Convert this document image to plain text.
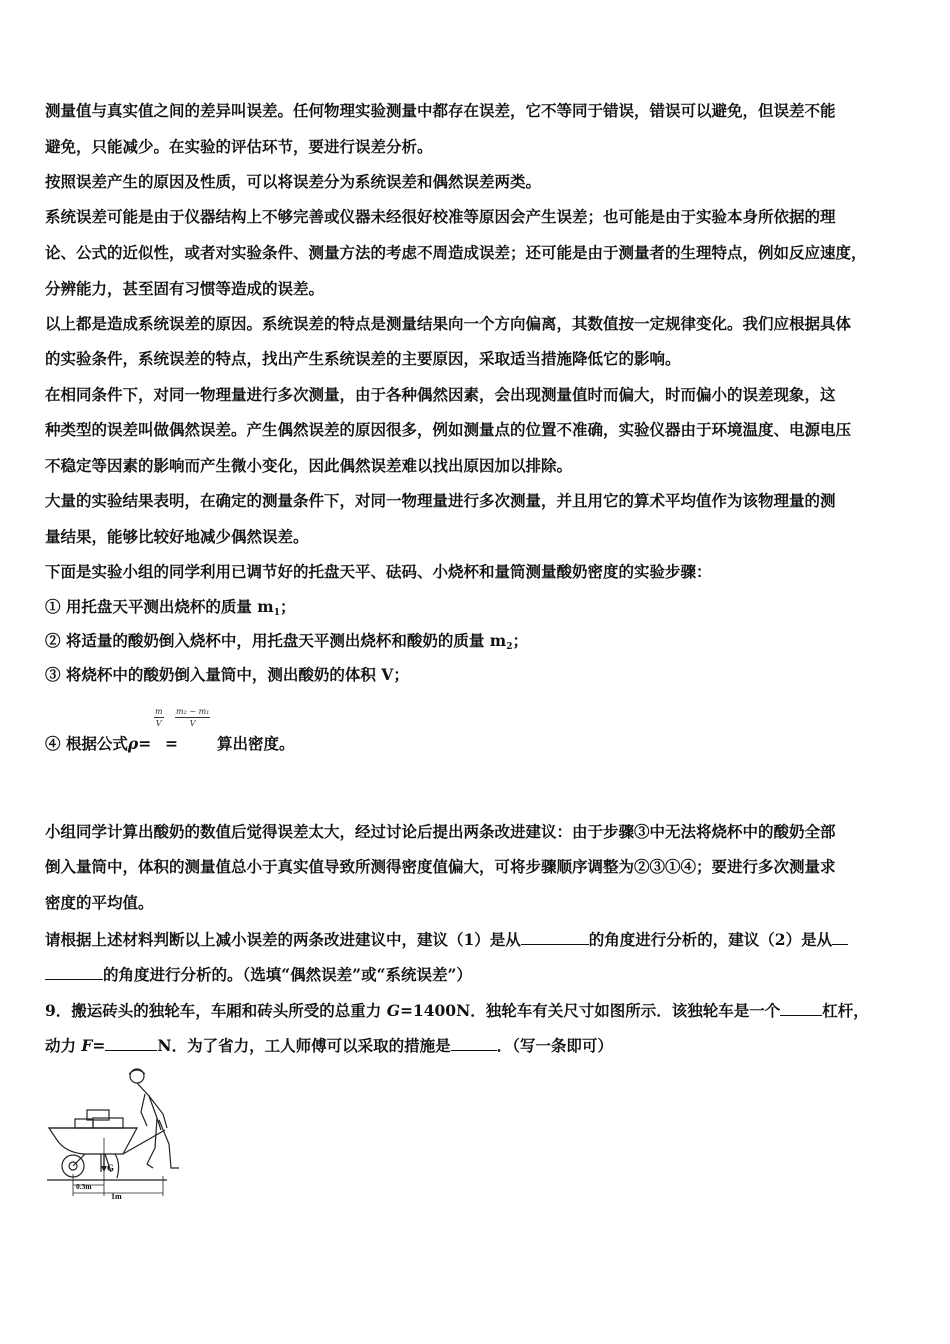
测量值与真实值之间的差异叫误差。任何物理实验测量中都存在误差，它不等同于错误，错误可以避免，但误差不能
避免，只能减少。在实验的评估环节，要进行误差分析。
按照误差产生的原因及性质，可以将误差分为系统误差和偶然误差两类。
系统误差可能是由于仪器结构上不够完善或仪器未经很好校准等原因会产生误差；也可能是由于实验本身所依据的理
论、公式的近似性，或者对实验条件、测量方法的考虑不周造成误差；还可能是由于测量者的生理特点，例如反应速度，
分辨能力，甚至固有习惯等造成的误差。
以上都是造成系统误差的原因。系统误差的特点是测量结果向一个方向偏离，其数值按一定规律变化。我们应根据具体
的实验条件，系统误差的特点，找出产生系统误差的主要原因，采取适当措施降低它的影响。
在相同条件下，对同一物理量进行多次测量，由于各种偶然因素，会出现测量值时而偏大，时而偏小的误差现象，这
种类型的误差叫做偶然误差。产生偶然误差的原因很多，例如测量点的位置不准确，实验仪器由于环境温度、电源电压
不稳定等因素的影响而产生微小变化，因此偶然误差难以找出原因加以排除。
大量的实验结果表明，在确定的测量条件下，对同一物理量进行多次测量，并且用它的算术平均值作为该物理量的测
量结果，能够比较好地减少偶然误差。
下面是实验小组的同学利用已调节好的托盘天平、砝码、小烧杯和量筒测量酸奶密度的实验步骤：
① 用托盘天平测出烧杯的质量 $m_1$；
② 将适量的酸奶倒入烧杯中，用托盘天平测出烧杯和酸奶的质量 $m_2$；
③ 将烧杯中的酸奶倒入量筒中，测出酸奶的体积 V；
④ 根据公式ρ=
$\frac{m}{V}$
=
$\frac{\text{m₂ − m₁}}{V}$
算出密度。
小组同学计算出酸奶的数值后觉得误差太大，经过讨论后提出两条改进建议：由于步骤③中无法将烧杯中的酸奶全部
倒入量筒中，体积的测量值总小于真实值导致所测得密度值偏大，可将步骤顺序调整为②③①④；要进行多次测量求
密度的平均值。
请根据上述材料判断以上减小误差的两条改进建议中，建议（1）是从	的角度进行分析的，建议（2）是从
的角度进行分析的。（选填“偶然误差”或“系统误差”）
9．搬运砖头的独轮车，车厢和砖头所受的总重力 G=1400N．独轮车有关尺寸如图所示．该独轮车是一个	杠杆，
动力 F=	N．为了省力，工人师傅可以采取的措施是	．（写一条即可）
G
0.3m
1m
